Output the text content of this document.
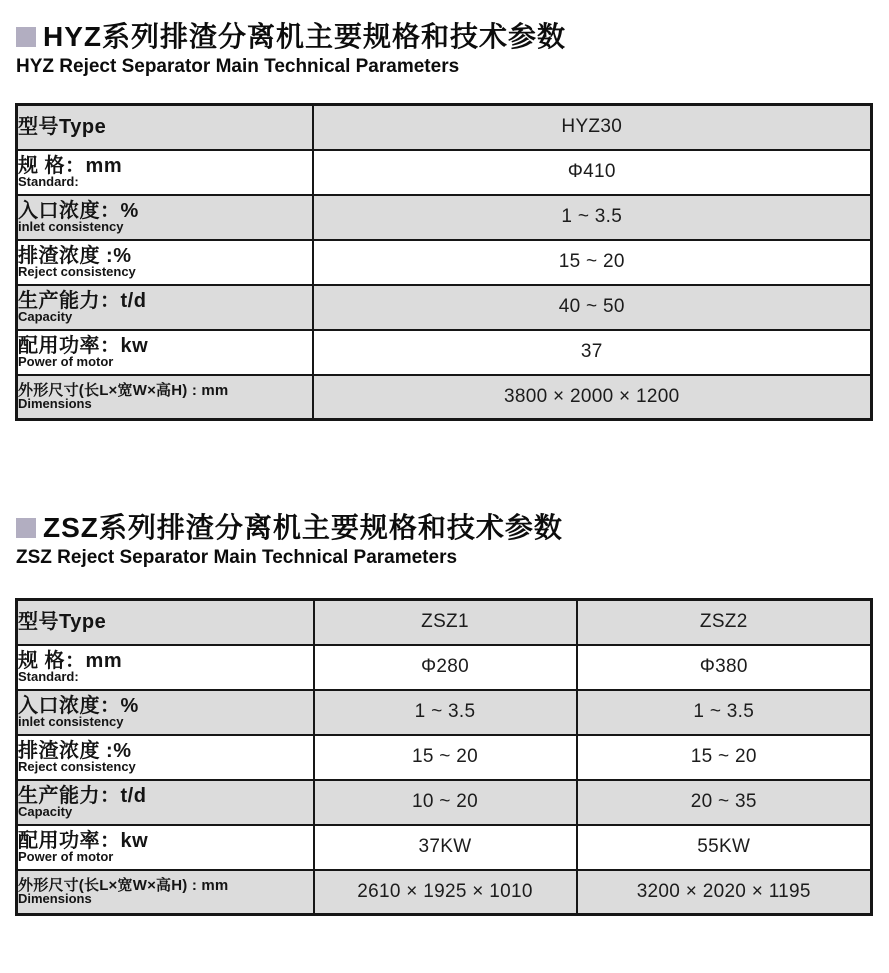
HYZ系列排渣分离机主要规格和技术参数
HYZ Reject Separator Main Technical Parameters
型号Type	HYZ30

规 格：mm
Standard:	Φ410

入口浓度：%
inlet consistency	1 ~ 3.5

排渣浓度 :%
Reject consistency	15 ~ 20

生产能力：t/d
Capacity	40 ~ 50

配用功率：kw
Power of motor	37

外形尺寸(长L×宽W×高H) : mm
Dimensions	3800 × 2000 × 1200
ZSZ系列排渣分离机主要规格和技术参数
ZSZ Reject Separator Main Technical Parameters
型号Type	ZSZ1	ZSZ2

规 格：mm
Standard:	Φ280	Φ380

入口浓度：%
inlet consistency	1 ~ 3.5	1 ~ 3.5

排渣浓度 :%
Reject consistency	15 ~ 20	15 ~ 20

生产能力：t/d
Capacity	10 ~ 20	20 ~ 35

配用功率：kw
Power of motor	37KW	55KW

外形尺寸(长L×宽W×高H) : mm
Dimensions	2610 × 1925 × 1010	3200 × 2020 × 1195
